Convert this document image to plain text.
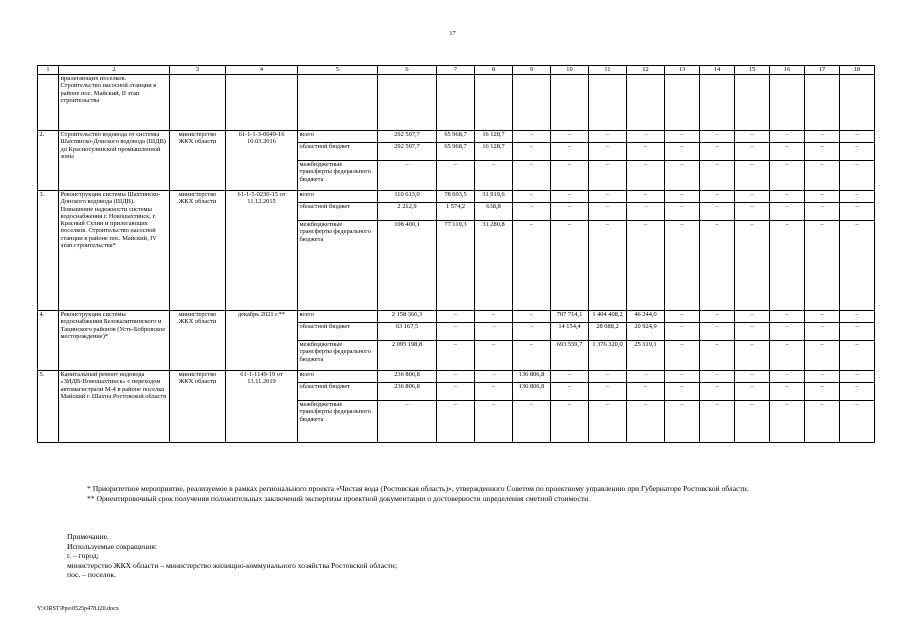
17
1	2	3	4	5	6	7	8	9	10	11	12	13	14	15	16	17	18
	прилегающих поселков. Строительство насосной станции в районе пос. Майский, II этап строительства																
2.	Строительство водовода от системы Шахтинско-Донского водовода (ШДВ) до Красносулинской промышленной зоны	министерство ЖКХ области	61-1-1-3-0049-16 10.03.2016	всего	292 507,7	65 968,7	16 128,7	–	–	–	–	–	–	–	–	–	–
				областной бюджет	292 507,7	65 968,7	16 128,7	–	–	–	–	–	–	–	–	–	–
				межбюджетные трансферты федерального бюджета	–	–	–	–	–	–	–	–	–	–	–	–	–
3.	Реконструкция системы Шахтинско-Донского водовода (ШДВ). Повышение надежности системы водоснабжения г. Новошахтинск, г. Красный Сулин и прилегающих поселков. Строительство насосной станции в районе пос. Майский, IV этап строительства*	министерство ЖКХ области	61-1-5-0236-15 от 11.12.2015	всего	110 613,0	78 693,5	31 919,6	–	–	–	–	–	–	–	–	–	–
				областной бюджет	2 212,9	1 574,2	638,8	–	–	–	–	–	–	–	–	–	–
				межбюджетные трансферты федерального бюджета	108 400,1	77 119,3	31 280,8	–	–	–	–	–	–	–	–	–	–
4.	Реконструкция системы водоснабжения Белокалитвинского и Тацинского районов (Усть-Бобровское месторождение)*	министерство ЖКХ области	декабрь 2021 г.**	всего	2 158 366,3	–	–	–	707 714,1	1 404 408,2	46 244,0	–	–	–	–	–	–
				областной бюджет	63 167,5	–	–	–	14 154,4	28 088,2	20 924,9	–	–	–	–	–	–
				межбюджетные трансферты федерального бюджета	2 095 198,8	–	–	–	693 559,7	1 376 320,0	25 319,1	–	–	–	–	–	–
5.	Капитальный ремонт водовода «ЗИДВ-Новошахтинск» с переходом автомагистрали М-4 в районе поселка Майский г. Шахты Ростовской области	министерство ЖКХ области	61-1-1149-19 от 13.11.2019	всего	236 806,8	–	–	136 806,8	–	–	–	–	–	–	–	–	–
				областной бюджет	236 806,8	–	–	136 806,8	–	–	–	–	–	–	–	–	–
				межбюджетные трансферты федерального бюджета	–	–	–	–	–	–	–	–	–	–	–	–	–

* Приоритетное мероприятие, реализуемое в рамках регионального проекта «Чистая вода (Ростовская область)», утвержденного Советом по проектному управлению при Губернаторе Ростовской области.

** Ориентировочный срок получения положительных заключений экспертизы проектной документации о достоверности определения сметной стоимости.

Примечание.

Используемые сокращения:

г. – город;

министерство ЖКХ области – министерство жилищно-коммунального хозяйства Ростовской области;

пос. – поселок.

Y:\ORST\Ppo\0525p478.f20.docx
